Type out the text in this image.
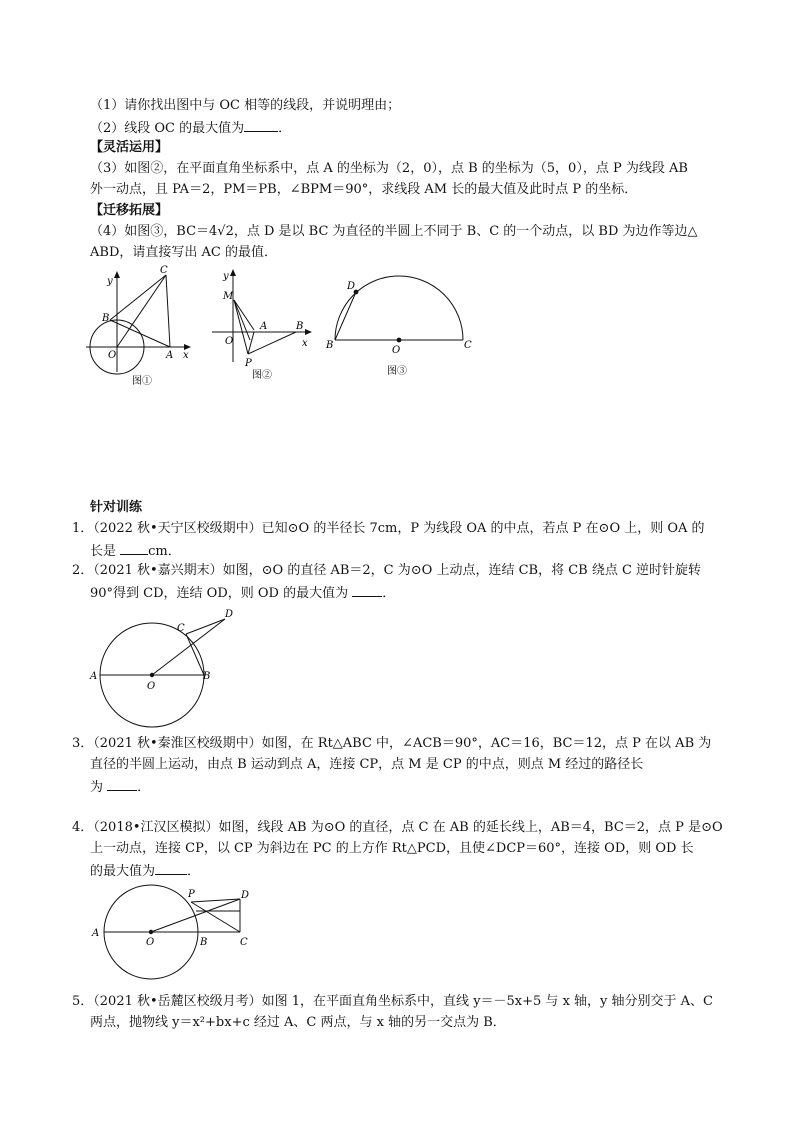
（1）请你找出图中与 OC 相等的线段，并说明理由；
（2）线段 OC 的最大值为	．
【灵活运用】
（3）如图②，在平面直角坐标系中，点 A 的坐标为（2，0），点 B 的坐标为（5，0），点 P 为线段 AB
外一动点，且 PA＝2，PM＝PB，∠BPM＝90°，求线段 AM 长的最大值及此时点 P 的坐标．
【迁移拓展】
（4）如图③，BC＝4√2，点 D 是以 BC 为直径的半圆上不同于 B、C 的一个动点，以 BD 为边作等边△
ABD，请直接写出 AC 的最值．
y
C
B
O	A x
图①
y
M
A	B
O	x
P
图②
D
B	O	C
图③
针对训练
1．（2022 秋•天宁区校级期中）已知⊙O 的半径长 7cm，P 为线段 OA 的中点，若点 P 在⊙O 上，则 OA 的
长是 cm．
2．（2021 秋•嘉兴期末）如图，⊙O 的直径 AB＝2，C 为⊙O 上动点，连结 CB，将 CB 绕点 C 逆时针旋转
90°得到 CD，连结 OD，则 OD 的最大值为 ．
A
O
B
C
D
3．（2021 秋•秦淮区校级期中）如图，在 Rt△ABC 中，∠ACB＝90°，AC＝16，BC＝12，点 P 在以 AB 为
直径的半圆上运动，由点 B 运动到点 A，连接 CP，点 M 是 CP 的中点，则点 M 经过的路径长
为 ．
4．（2018•江汉区模拟）如图，线段 AB 为⊙O 的直径，点 C 在 AB 的延长线上，AB＝4，BC＝2，点 P 是⊙O
上一动点，连接 CP，以 CP 为斜边在 PC 的上方作 Rt△PCD，且使∠DCP＝60°，连接 OD，则 OD 长
的最大值为 ．
A
O	B	C
P	D
5．（2021 秋•岳麓区校级月考）如图 1，在平面直角坐标系中，直线 y＝－5x+5 与 x 轴，y 轴分别交于 A、C
两点，抛物线 y＝x²+bx+c 经过 A、C 两点，与 x 轴的另一交点为 B．
